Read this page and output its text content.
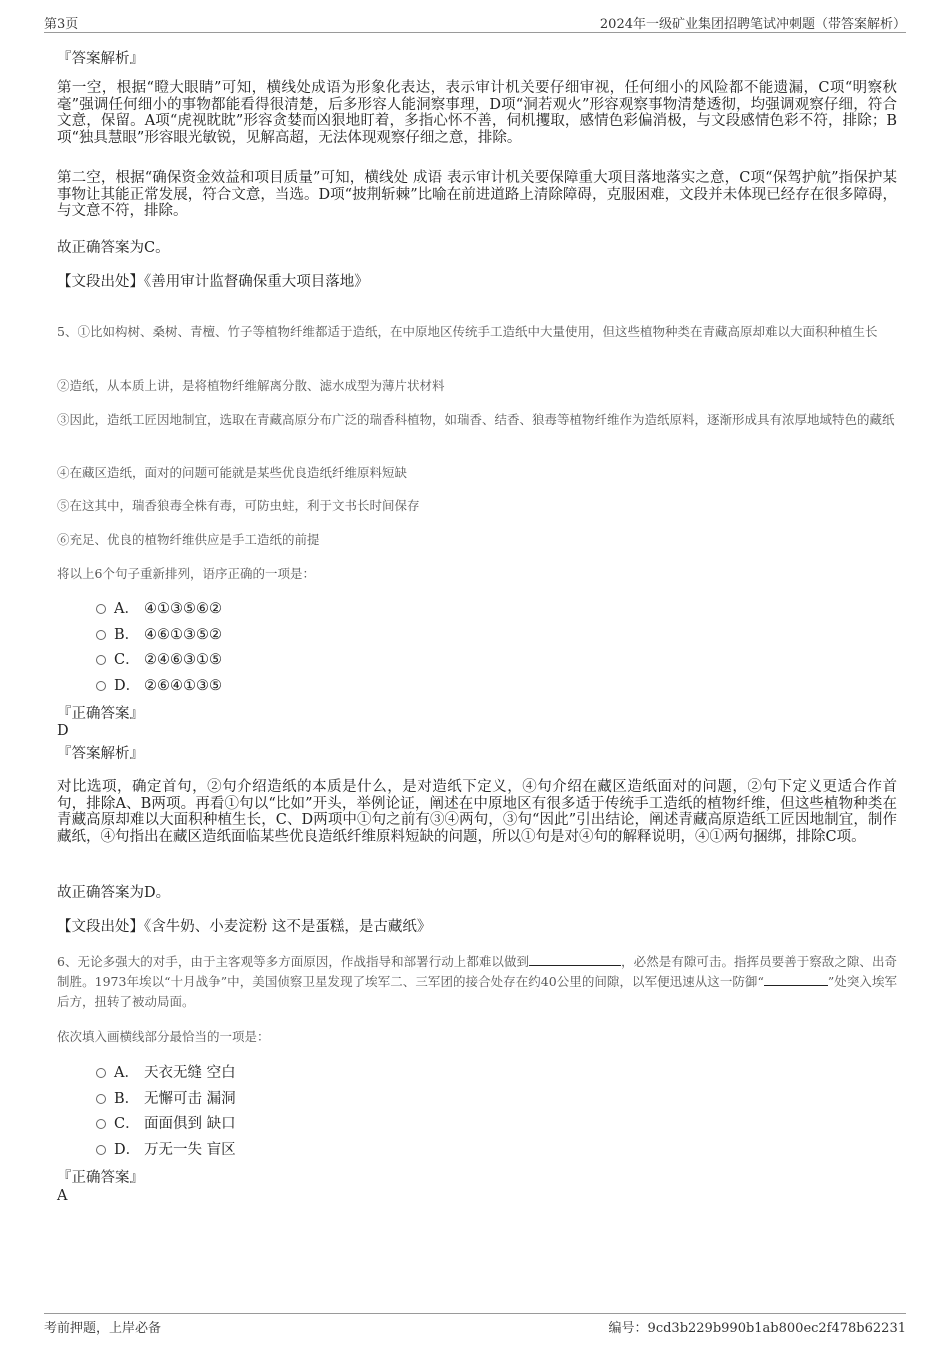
第3页	2024年一级矿业集团招聘笔试冲刺题（带答案解析）
『答案解析』
第一空，根据“瞪大眼睛”可知，横线处成语为形象化表达，表示审计机关要仔细审视，任何细小的风险都不能遗漏，C项“明察秋毫”强调任何细小的事物都能看得很清楚，后多形容人能洞察事理，D项“洞若观火”形容观察事物清楚透彻，均强调观察仔细，符合文意，保留。A项“虎视眈眈”形容贪婪而凶狠地盯着，多指心怀不善，伺机攫取，感情色彩偏消极，与文段感情色彩不符，排除；B项“独具慧眼”形容眼光敏锐，见解高超，无法体现观察仔细之意，排除。
第二空，根据“确保资金效益和项目质量”可知，横线处 成语 表示审计机关要保障重大项目落地落实之意，C项“保驾护航”指保护某事物让其能正常发展，符合文意，当选。D项“披荆斩棘”比喻在前进道路上清除障碍，克服困难，文段并未体现已经存在很多障碍，与文意不符，排除。
故正确答案为C。
【文段出处】《善用审计监督确保重大项目落地》
5、①比如构树、桑树、青檀、竹子等植物纤维都适于造纸，在中原地区传统手工造纸中大量使用，但这些植物种类在青藏高原却难以大面积种植生长
②造纸，从本质上讲，是将植物纤维解离分散、滤水成型为薄片状材料
③因此，造纸工匠因地制宜，选取在青藏高原分布广泛的瑞香科植物，如瑞香、结香、狼毒等植物纤维作为造纸原料，逐渐形成具有浓厚地域特色的藏纸
④在藏区造纸，面对的问题可能就是某些优良造纸纤维原料短缺
⑤在这其中，瑞香狼毒全株有毒，可防虫蛀，利于文书长时间保存
⑥充足、优良的植物纤维供应是手工造纸的前提
将以上6个句子重新排列，语序正确的一项是：
A． ④①③⑤⑥②
B． ④⑥①③⑤②
C． ②④⑥③①⑤
D． ②⑥④①③⑤
『正确答案』
D
『答案解析』
对比选项，确定首句，②句介绍造纸的本质是什么，是对造纸下定义，④句介绍在藏区造纸面对的问题，②句下定义更适合作首句，排除A、B两项。再看①句以“比如”开头，举例论证，阐述在中原地区有很多适于传统手工造纸的植物纤维，但这些植物种类在青藏高原却难以大面积种植生长，C、D两项中①句之前有③④两句，③句“因此”引出结论，阐述青藏高原造纸工匠因地制宜，制作藏纸，④句指出在藏区造纸面临某些优良造纸纤维原料短缺的问题，所以①句是对④句的解释说明，④①两句捆绑，排除C项。
故正确答案为D。
【文段出处】《含牛奶、小麦淀粉 这不是蛋糕，是古藏纸》
6、无论多强大的对手，由于主客观等多方面原因，作战指导和部署行动上都难以做到	，必然是有隙可击。指挥员要善于察敌之隙、出奇制胜。1973年埃以“十月战争”中，美国侦察卫星发现了埃军二、三军团的接合处存在约40公里的间隙，以军便迅速从这一防御“	”处突入埃军后方，扭转了被动局面。
依次填入画横线部分最恰当的一项是：
A． 天衣无缝 空白
B． 无懈可击 漏洞
C． 面面俱到 缺口
D． 万无一失 盲区
『正确答案』
A
考前押题，上岸必备	编号：9cd3b229b990b1ab800ec2f478b62231
